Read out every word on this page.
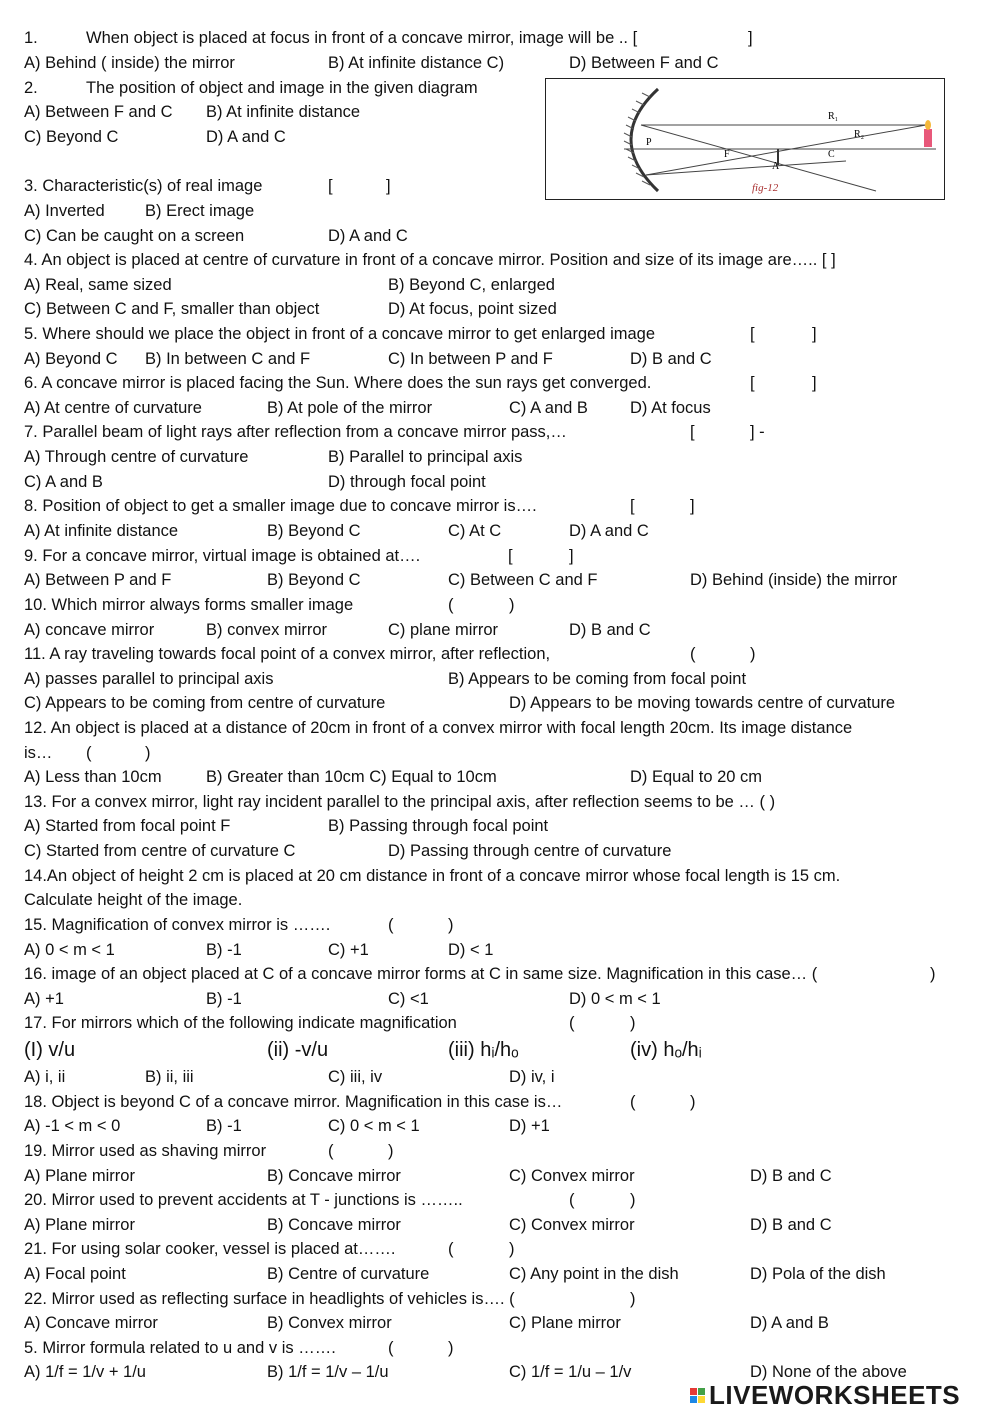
1.	When object is placed at focus in front of a concave mirror, image will be .. [	]
A) Behind ( inside) the mirror	B) At infinite distance C)	D) Between F and C
2.	The position of object and image in the given diagram
A) Between F and C B) At infinite distance
C) Beyond C	D) A and C
3. Characteristic(s) of real image	[	]
A) Inverted B) Erect image
C) Can be caught on a screen	D) A and C
4. An object is placed at centre of curvature in front of a concave mirror. Position and size of its image are….. [ ]
A) Real, same sized	B) Beyond C, enlarged
C) Between C and F, smaller than object	D) At focus, point sized
5. Where should we place the object in front of a concave mirror to get enlarged image	[	]
A) Beyond C B) In between C and F	C) In between P and F	D) B and C
6. A concave mirror is placed facing the Sun. Where does the sun rays get converged.	[	]
A) At centre of curvature	B) At pole of the mirror	C) A and B	D) At focus
7. Parallel beam of light rays after reflection from a concave mirror pass,…	[	] -
A) Through centre of curvature	B) Parallel to principal axis
C) A and B	D) through focal point
8. Position of object to get a smaller image due to concave mirror is….	[	]
A) At infinite distance	B) Beyond C	C) At C	D) A and C
9. For a concave mirror, virtual image is obtained at….	[	]
A) Between P and F	B) Beyond C	C) Between C and F	D) Behind (inside) the mirror
10. Which mirror always forms smaller image	(	)
A) concave mirror	B) convex mirror	C) plane mirror	D) B and C
11. A ray traveling towards focal point of a convex mirror, after reflection,	(	)
A) passes parallel to principal axis	B) Appears to be coming from focal point
C) Appears to be coming from centre of curvature	D) Appears to be moving towards centre of curvature
12. An object is placed at a distance of 20cm in front of a convex mirror with focal length 20cm. Its image distance
is… (	)
A) Less than 10cm	B) Greater than 10cm C) Equal to 10cm	D) Equal to 20 cm
13. For a convex mirror, light ray incident parallel to the principal axis, after reflection seems to be … ( )
A) Started from focal point F	B) Passing through focal point
C) Started from centre of curvature C	D) Passing through centre of curvature
14.An object of height 2 cm is placed at 20 cm distance in front of a concave mirror whose focal length is 15 cm.
Calculate height of the image.
15. Magnification of convex mirror is …….	(	)
A) 0 < m < 1	B) -1	C) +1	D) < 1
16. image of an object placed at C of a concave mirror forms at C in same size. Magnification in this case… (	)
A) +1	B) -1	C) <1	D) 0 < m < 1
17. For mirrors which of the following indicate magnification	(	)
(I) v/u	(ii) -v/u	(iii) hᵢ/hₒ	(iv) hₒ/hᵢ
A) i, ii	B) ii, iii	C) iii, iv	D) iv, i
18. Object is beyond C of a concave mirror. Magnification in this case is…	(	)
A) -1 < m < 0	B) -1	C) 0 < m < 1	D) +1
19. Mirror used as shaving mirror	(	)
A) Plane mirror	B) Concave mirror	C) Convex mirror	D) B and C
20. Mirror used to prevent accidents at T - junctions is ……..	(	)
A) Plane mirror	B) Concave mirror	C) Convex mirror	D) B and C
21. For using solar cooker, vessel is placed at…….	(	)
A) Focal point	B) Centre of curvature	C) Any point in the dish	D) Pola of the dish
22. Mirror used as reflecting surface in headlights of vehicles is…. (	)
A) Concave mirror	B) Convex mirror	C) Plane mirror	D) A and B
5. Mirror formula related to u and v is …….	(	)
A) 1/f = 1/v + 1/u	B) 1/f = 1/v – 1/u	C) 1/f = 1/u – 1/v	D) None of the above
R₁
R₂
P
F	C
A
fig-12
LIVEWORKSHEETS
